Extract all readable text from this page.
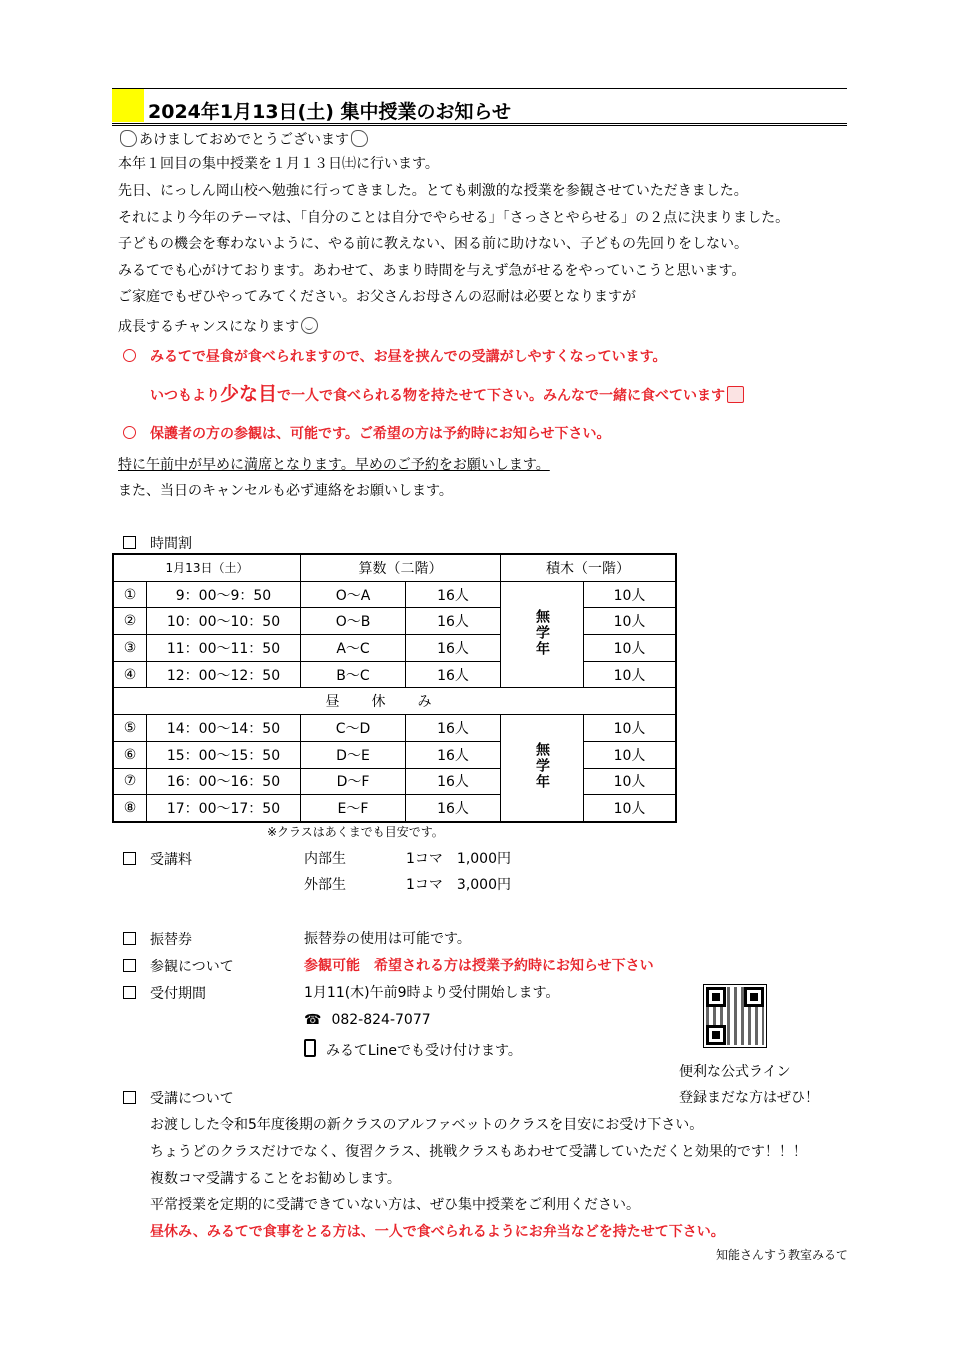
2024年1月13日(土) 集中授業のお知らせ
あけましておめでとうございます
本年１回目の集中授業を１月１３日㈯に行います。
先日、にっしん岡山校へ勉強に行ってきました。とても刺激的な授業を参観させていただきました。
それにより今年のテーマは、「自分のことは自分でやらせる」「さっさとやらせる」の２点に決まりました。
子どもの機会を奪わないように、やる前に教えない、困る前に助けない、子どもの先回りをしない。
みるてでも心がけております。あわせて、あまり時間を与えず急がせるをやっていこうと思います。
ご家庭でもぜひやってみてください。お父さんお母さんの忍耐は必要となりますが
成長するチャンスになります
みるてで昼食が食べられますので、お昼を挟んでの受講がしやすくなっています。
いつもより少な目で一人で食べられる物を持たせて下さい。みんなで一緒に食べています
保護者の方の参観は、可能です。ご希望の方は予約時にお知らせ下さい。
特に午前中が早めに満席となります。早めのご予約をお願いします。
また、当日のキャンセルも必ず連絡をお願いします。
時間割
1月13日（土）		算数（二階）		積木（一階）	
①	9：00～9：50	O～A	16人	無学年	10人
②	10：00～10：50	O～B	16人		10人
③	11：00～11：50	A～C	16人		10人
④	12：00～12：50	B～C	16人		10人
昼休み					
⑤	14：00～14：50	C～D	16人	無学年	10人
⑥	15：00～15：50	D～E	16人		10人
⑦	16：00～16：50	D～F	16人		10人
⑧	17：00～17：50	E～F	16人		10人
※クラスはあくまでも目安です。
受講料	内部生	1コマ　1,000円
外部生	1コマ　3,000円
振替券	振替券の使用は可能です。
参観について	参観可能　希望される方は授業予約時にお知らせ下さい
受付期間	1月11(木)午前9時より受付開始します。
☎ 082-824-7077
みるてLineでも受け付けます。
便利な公式ライン
登録まだな方はぜひ！
受講について
お渡しした令和5年度後期の新クラスのアルファベットのクラスを目安にお受け下さい。
ちょうどのクラスだけでなく、復習クラス、挑戦クラスもあわせて受講していただくと効果的です！！！
複数コマ受講することをお勧めします。
平常授業を定期的に受講できていない方は、ぜひ集中授業をご利用ください。
昼休み、みるてで食事をとる方は、一人で食べられるようにお弁当などを持たせて下さい。
知能さんすう教室みるて
